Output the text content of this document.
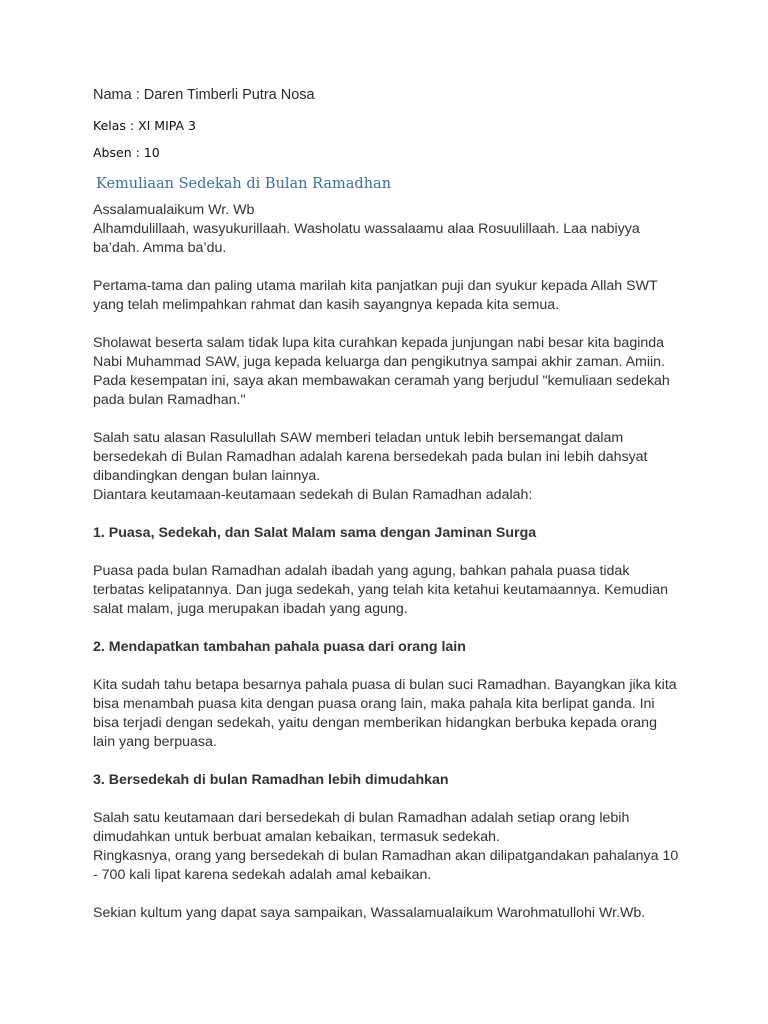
Nama : Daren Timberli Putra Nosa
Kelas : XI MIPA 3
Absen : 10
Kemuliaan Sedekah di Bulan Ramadhan
Assalamualaikum Wr. Wb
Alhamdulillaah, wasyukurillaah. Washolatu wassalaamu alaa Rosuulillaah. Laa nabiyya
ba’dah. Amma ba’du.
Pertama-tama dan paling utama marilah kita panjatkan puji dan syukur kepada Allah SWT
yang telah melimpahkan rahmat dan kasih sayangnya kepada kita semua.
Sholawat beserta salam tidak lupa kita curahkan kepada junjungan nabi besar kita baginda
Nabi Muhammad SAW, juga kepada keluarga dan pengikutnya sampai akhir zaman. Amiin.
Pada kesempatan ini, saya akan membawakan ceramah yang berjudul "kemuliaan sedekah
pada bulan Ramadhan."
Salah satu alasan Rasulullah SAW memberi teladan untuk lebih bersemangat dalam
bersedekah di Bulan Ramadhan adalah karena bersedekah pada bulan ini lebih dahsyat
dibandingkan dengan bulan lainnya.
Diantara keutamaan-keutamaan sedekah di Bulan Ramadhan adalah:
1. Puasa, Sedekah, dan Salat Malam sama dengan Jaminan Surga
Puasa pada bulan Ramadhan adalah ibadah yang agung, bahkan pahala puasa tidak
terbatas kelipatannya. Dan juga sedekah, yang telah kita ketahui keutamaannya. Kemudian
salat malam, juga merupakan ibadah yang agung.
2. Mendapatkan tambahan pahala puasa dari orang lain
Kita sudah tahu betapa besarnya pahala puasa di bulan suci Ramadhan. Bayangkan jika kita
bisa menambah puasa kita dengan puasa orang lain, maka pahala kita berlipat ganda. Ini
bisa terjadi dengan sedekah, yaitu dengan memberikan hidangkan berbuka kepada orang
lain yang berpuasa.
3. Bersedekah di bulan Ramadhan lebih dimudahkan
Salah satu keutamaan dari bersedekah di bulan Ramadhan adalah setiap orang lebih
dimudahkan untuk berbuat amalan kebaikan, termasuk sedekah.
Ringkasnya, orang yang bersedekah di bulan Ramadhan akan dilipatgandakan pahalanya 10
- 700 kali lipat karena sedekah adalah amal kebaikan.
Sekian kultum yang dapat saya sampaikan, Wassalamualaikum Warohmatullohi Wr.Wb.
